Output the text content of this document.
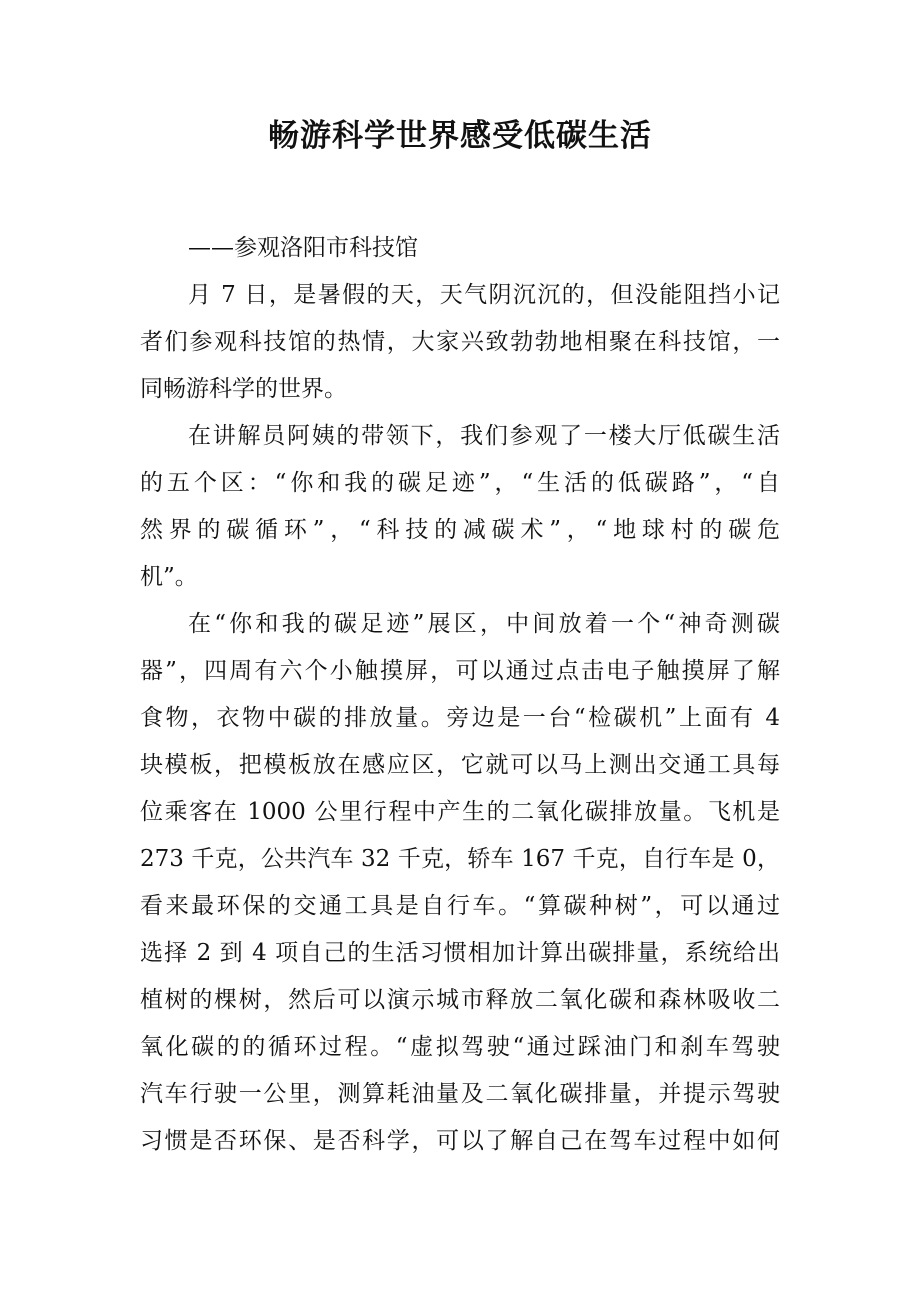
畅游科学世界感受低碳生活

——参观洛阳市科技馆

月 7 日，是暑假的天，天气阴沉沉的，但没能阻挡小记
者们参观科技馆的热情，大家兴致勃勃地相聚在科技馆，一
同畅游科学的世界。

在讲解员阿姨的带领下，我们参观了一楼大厅低碳生活
的五个区：“你和我的碳足迹”，“生活的低碳路”，“自
然界的碳循环”，“科技的减碳术”，“地球村的碳危
机”。

在“你和我的碳足迹”展区，中间放着一个“神奇测碳
器”，四周有六个小触摸屏，可以通过点击电子触摸屏了解
食物，衣物中碳的排放量。旁边是一台“检碳机”上面有 4
块模板，把模板放在感应区，它就可以马上测出交通工具每
位乘客在 1000 公里行程中产生的二氧化碳排放量。飞机是
273 千克，公共汽车 32 千克，轿车 167 千克，自行车是 0，
看来最环保的交通工具是自行车。“算碳种树”，可以通过
选择 2 到 4 项自己的生活习惯相加计算出碳排量，系统给出
植树的棵树，然后可以演示城市释放二氧化碳和森林吸收二
氧化碳的的循环过程。“虚拟驾驶“通过踩油门和刹车驾驶
汽车行驶一公里，测算耗油量及二氧化碳排量，并提示驾驶
习惯是否环保、是否科学，可以了解自己在驾车过程中如何
